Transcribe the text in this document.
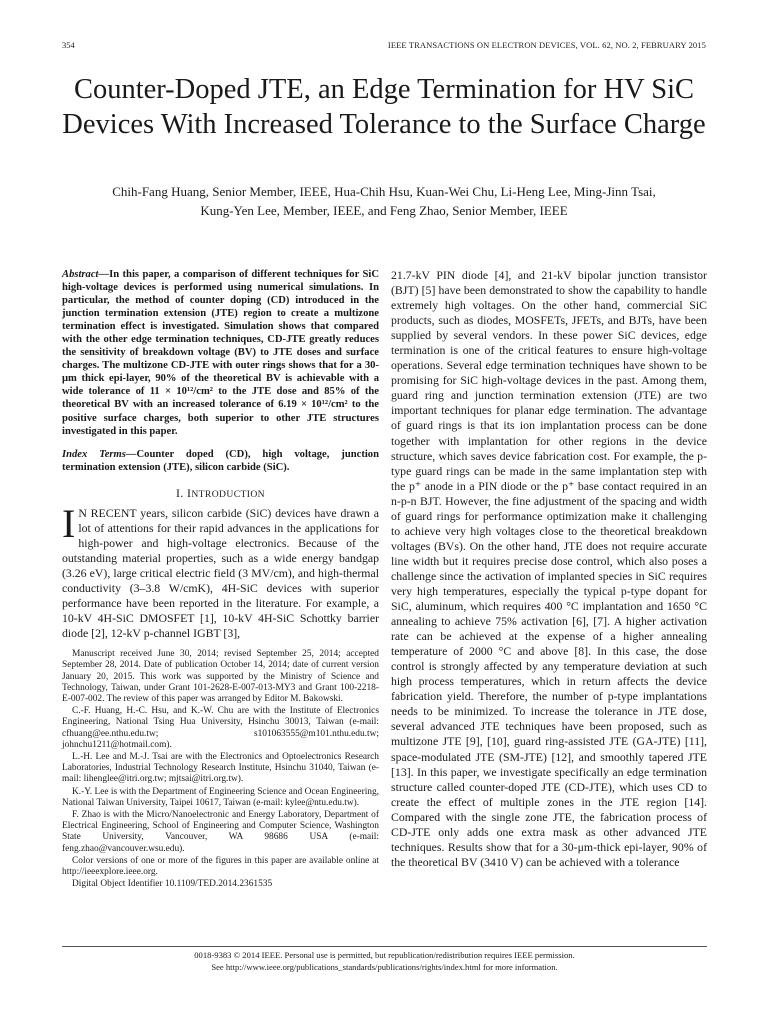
354	IEEE TRANSACTIONS ON ELECTRON DEVICES, VOL. 62, NO. 2, FEBRUARY 2015
Counter-Doped JTE, an Edge Termination for HV SiC Devices With Increased Tolerance to the Surface Charge
Chih-Fang Huang, Senior Member, IEEE, Hua-Chih Hsu, Kuan-Wei Chu, Li-Heng Lee, Ming-Jinn Tsai,
Kung-Yen Lee, Member, IEEE, and Feng Zhao, Senior Member, IEEE

Abstract—In this paper, a comparison of different techniques for SiC high-voltage devices is performed using numerical simulations. In particular, the method of counter doping (CD) introduced in the junction termination extension (JTE) region to create a multizone termination effect is investigated. Simulation shows that compared with the other edge termination techniques, CD-JTE greatly reduces the sensitivity of breakdown voltage (BV) to JTE doses and surface charges. The multizone CD-JTE with outer rings shows that for a 30-μm thick epi-layer, 90% of the theoretical BV is achievable with a wide tolerance of 11 × 10¹²/cm² to the JTE dose and 85% of the theoretical BV with an increased tolerance of 6.19 × 10¹²/cm² to the positive surface charges, both superior to other JTE structures investigated in this paper.

Index Terms—Counter doped (CD), high voltage, junction termination extension (JTE), silicon carbide (SiC).

I. INTRODUCTION

IN RECENT years, silicon carbide (SiC) devices have drawn a lot of attentions for their rapid advances in the applications for high-power and high-voltage electronics. Because of the outstanding material properties, such as a wide energy bandgap (3.26 eV), large critical electric field (3 MV/cm), and high-thermal conductivity (3–3.8 W/cmK), 4H-SiC devices with superior performance have been reported in the literature. For example, a 10-kV 4H-SiC DMOSFET [1], 10-kV 4H-SiC Schottky barrier diode [2], 12-kV p-channel IGBT [3],

Manuscript received June 30, 2014; revised September 25, 2014; accepted September 28, 2014. Date of publication October 14, 2014; date of current version January 20, 2015. This work was supported by the Ministry of Science and Technology, Taiwan, under Grant 101-2628-E-007-013-MY3 and Grant 100-2218-E-007-002. The review of this paper was arranged by Editor M. Bakowski.

C.-F. Huang, H.-C. Hsu, and K.-W. Chu are with the Institute of Electronics Engineering, National Tsing Hua University, Hsinchu 30013, Taiwan (e-mail: cfhuang@ee.nthu.edu.tw; s101063555@m101.nthu.edu.tw; johnchu1211@hotmail.com).

L.-H. Lee and M.-J. Tsai are with the Electronics and Optoelectronics Research Laboratories, Industrial Technology Research Institute, Hsinchu 31040, Taiwan (e-mail: lihenglee@itri.org.tw; mjtsai@itri.org.tw).

K.-Y. Lee is with the Department of Engineering Science and Ocean Engineering, National Taiwan University, Taipei 10617, Taiwan (e-mail: kylee@ntu.edu.tw).

F. Zhao is with the Micro/Nanoelectronic and Energy Laboratory, Department of Electrical Engineering, School of Engineering and Computer Science, Washington State University, Vancouver, WA 98686 USA (e-mail: feng.zhao@vancouver.wsu.edu).

Color versions of one or more of the figures in this paper are available online at http://ieeexplore.ieee.org.

Digital Object Identifier 10.1109/TED.2014.2361535

21.7-kV PIN diode [4], and 21-kV bipolar junction transistor (BJT) [5] have been demonstrated to show the capability to handle extremely high voltages. On the other hand, commercial SiC products, such as diodes, MOSFETs, JFETs, and BJTs, have been supplied by several vendors. In these power SiC devices, edge termination is one of the critical features to ensure high-voltage operations. Several edge termination techniques have shown to be promising for SiC high-voltage devices in the past. Among them, guard ring and junction termination extension (JTE) are two important techniques for planar edge termination. The advantage of guard rings is that its ion implantation process can be done together with implantation for other regions in the device structure, which saves device fabrication cost. For example, the p-type guard rings can be made in the same implantation step with the p⁺ anode in a PIN diode or the p⁺ base contact required in an n-p-n BJT. However, the fine adjustment of the spacing and width of guard rings for performance optimization make it challenging to achieve very high voltages close to the theoretical breakdown voltages (BVs). On the other hand, JTE does not require accurate line width but it requires precise dose control, which also poses a challenge since the activation of implanted species in SiC requires very high temperatures, especially the typical p-type dopant for SiC, aluminum, which requires 400 °C implantation and 1650 °C annealing to achieve 75% activation [6], [7]. A higher activation rate can be achieved at the expense of a higher annealing temperature of 2000 °C and above [8]. In this case, the dose control is strongly affected by any temperature deviation at such high process temperatures, which in return affects the device fabrication yield. Therefore, the number of p-type implantations needs to be minimized. To increase the tolerance in JTE dose, several advanced JTE techniques have been proposed, such as multizone JTE [9], [10], guard ring-assisted JTE (GA-JTE) [11], space-modulated JTE (SM-JTE) [12], and smoothly tapered JTE [13]. In this paper, we investigate specifically an edge termination structure called counter-doped JTE (CD-JTE), which uses CD to create the effect of multiple zones in the JTE region [14]. Compared with the single zone JTE, the fabrication process of CD-JTE only adds one extra mask as other advanced JTE techniques. Results show that for a 30-μm-thick epi-layer, 90% of the theoretical BV (3410 V) can be achieved with a tolerance

0018-9383 © 2014 IEEE. Personal use is permitted, but republication/redistribution requires IEEE permission.
See http://www.ieee.org/publications_standards/publications/rights/index.html for more information.
